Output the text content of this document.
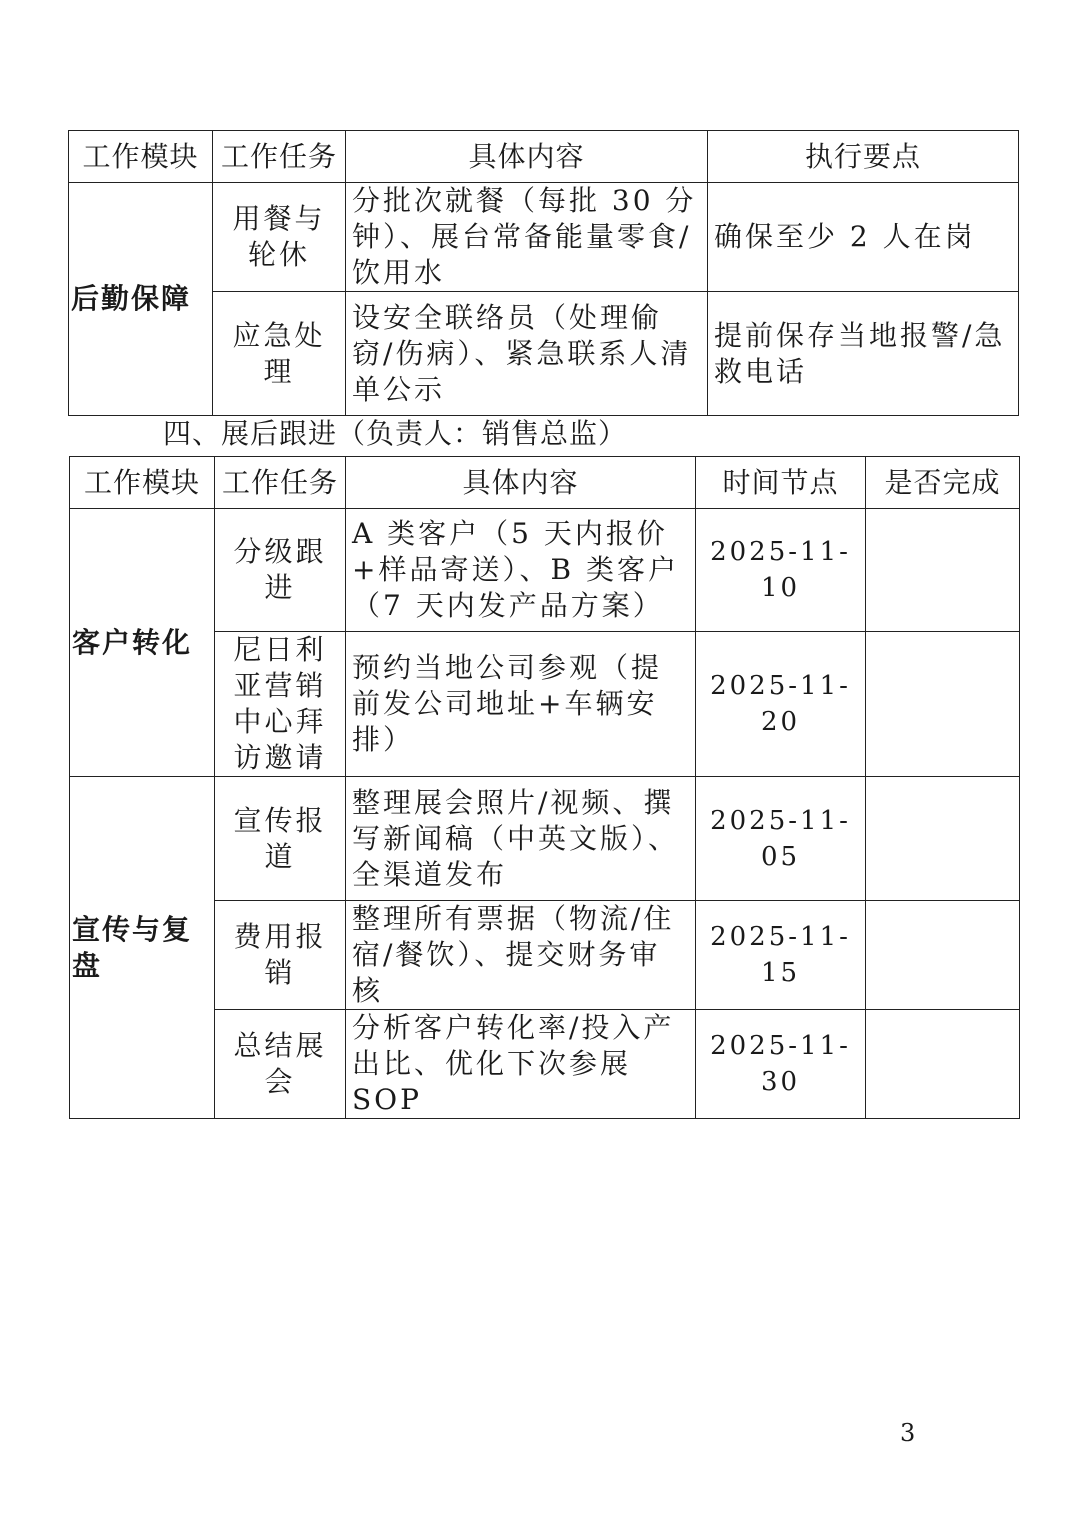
工作模块	工作任务	具体内容	执行要点
后勤保障	用餐与轮休	分批次就餐（每批 30 分钟）、展台常备能量零食/饮用水	确保至少 2 人在岗
	应急处理	设安全联络员（处理偷窃/伤病）、紧急联系人清单公示	提前保存当地报警/急救电话
四、展后跟进（负责人：销售总监）
工作模块	工作任务	具体内容	时间节点	是否完成
客户转化	分级跟进	A 类客户（5 天内报价+样品寄送）、B 类客户（7 天内发产品方案）	2025-11-10	
	尼日利亚营销中心拜访邀请	预约当地公司参观（提前发公司地址+车辆安排）	2025-11-20	
宣传与复盘	宣传报道	整理展会照片/视频、撰写新闻稿（中英文版）、全渠道发布	2025-11-05	
	费用报销	整理所有票据（物流/住宿/餐饮）、提交财务审核	2025-11-15	
	总结展会	分析客户转化率/投入产出比、优化下次参展 SOP	2025-11-30	
3
